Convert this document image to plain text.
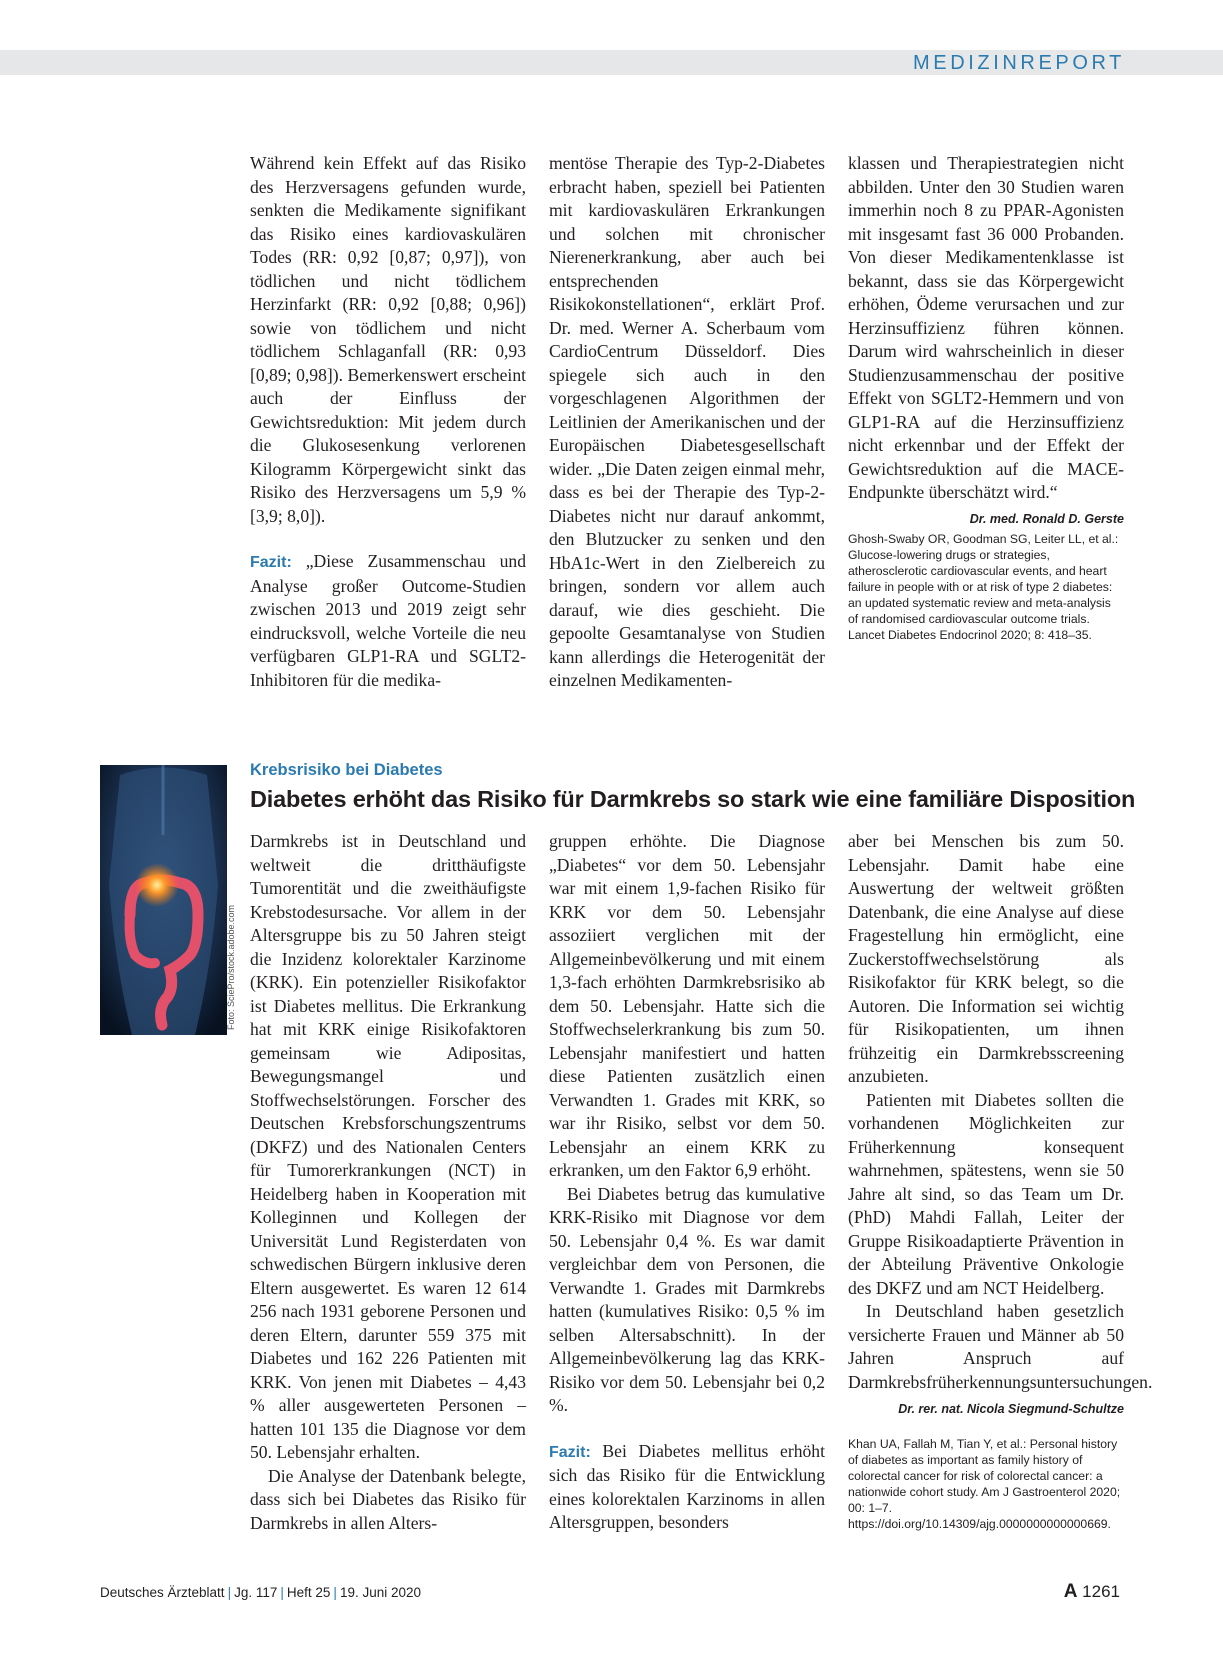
MEDIZINREPORT

Während kein Effekt auf das Risiko des Herzversagens gefunden wurde, senkten die Medikamente signifikant das Risiko eines kardiovaskulären Todes (RR: 0,92 [0,87; 0,97]), von tödlichen und nicht tödlichem Herzinfarkt (RR: 0,92 [0,88; 0,96]) sowie von tödlichem und nicht tödlichem Schlaganfall (RR: 0,93 [0,89; 0,98]). Bemerkenswert erscheint auch der Einfluss der Gewichtsreduktion: Mit jedem durch die Glukosesenkung verlorenen Kilogramm Körpergewicht sinkt das Risiko des Herzversagens um 5,9 % [3,9; 8,0]).

Fazit: „Diese Zusammenschau und Analyse großer Outcome-Studien zwischen 2013 und 2019 zeigt sehr eindrucksvoll, welche Vorteile die neu verfügbaren GLP1-RA und SGLT2-Inhibitoren für die medika-

mentöse Therapie des Typ-2-Diabetes erbracht haben, speziell bei Patienten mit kardiovaskulären Erkrankungen und solchen mit chronischer Nierenerkrankung, aber auch bei entsprechenden Risikokonstellationen“, erklärt Prof. Dr. med. Werner A. Scherbaum vom CardioCentrum Düsseldorf. Dies spiegele sich auch in den vorgeschlagenen Algorithmen der Leitlinien der Amerikanischen und der Europäischen Diabetesgesellschaft wider. „Die Daten zeigen einmal mehr, dass es bei der Therapie des Typ-2-Diabetes nicht nur darauf ankommt, den Blutzucker zu senken und den HbA1c-Wert in den Zielbereich zu bringen, sondern vor allem auch darauf, wie dies geschieht. Die gepoolte Gesamtanalyse von Studien kann allerdings die Heterogenität der einzelnen Medikamenten-

klassen und Therapiestrategien nicht abbilden. Unter den 30 Studien waren immerhin noch 8 zu PPAR-Agonisten mit insgesamt fast 36 000 Probanden. Von dieser Medikamentenklasse ist bekannt, dass sie das Körpergewicht erhöhen, Ödeme verursachen und zur Herzinsuffizienz führen können. Darum wird wahrscheinlich in dieser Studienzusammenschau der positive Effekt von SGLT2-Hemmern und von GLP1-RA auf die Herzinsuffizienz nicht erkennbar und der Effekt der Gewichtsreduktion auf die MACE-Endpunkte überschätzt wird.“
Dr. med. Ronald D. Gerste

Ghosh-Swaby OR, Goodman SG, Leiter LL, et al.: Glucose-lowering drugs or strategies, atherosclerotic cardiovascular events, and heart failure in people with or at risk of type 2 diabetes: an updated systematic review and meta-analysis of randomised cardiovascular outcome trials. Lancet Diabetes Endocrinol 2020; 8: 418–35.
Foto: SciePro/stock.adobe.com
Krebsrisiko bei Diabetes
Diabetes erhöht das Risiko für Darmkrebs so stark wie eine familiäre Disposition

Darmkrebs ist in Deutschland und weltweit die dritthäufigste Tumorentität und die zweithäufigste Krebstodesursache. Vor allem in der Altersgruppe bis zu 50 Jahren steigt die Inzidenz kolorektaler Karzinome (KRK). Ein potenzieller Risikofaktor ist Diabetes mellitus. Die Erkrankung hat mit KRK einige Risikofaktoren gemeinsam wie Adipositas, Bewegungsmangel und Stoffwechselstörungen. Forscher des Deutschen Krebsforschungszentrums (DKFZ) und des Nationalen Centers für Tumorerkrankungen (NCT) in Heidelberg haben in Kooperation mit Kolleginnen und Kollegen der Universität Lund Registerdaten von schwedischen Bürgern inklusive deren Eltern ausgewertet. Es waren 12 614 256 nach 1931 geborene Personen und deren Eltern, darunter 559 375 mit Diabetes und 162 226 Patienten mit KRK. Von jenen mit Diabetes – 4,43 % aller ausgewerteten Personen – hatten 101 135 die Diagnose vor dem 50. Lebensjahr erhalten.

Die Analyse der Datenbank belegte, dass sich bei Diabetes das Risiko für Darmkrebs in allen Alters-

gruppen erhöhte. Die Diagnose „Diabetes“ vor dem 50. Lebensjahr war mit einem 1,9-fachen Risiko für KRK vor dem 50. Lebensjahr assoziiert verglichen mit der Allgemeinbevölkerung und mit einem 1,3-fach erhöhten Darmkrebsrisiko ab dem 50. Lebensjahr. Hatte sich die Stoffwechselerkrankung bis zum 50. Lebensjahr manifestiert und hatten diese Patienten zusätzlich einen Verwandten 1. Grades mit KRK, so war ihr Risiko, selbst vor dem 50. Lebensjahr an einem KRK zu erkranken, um den Faktor 6,9 erhöht.

Bei Diabetes betrug das kumulative KRK-Risiko mit Diagnose vor dem 50. Lebensjahr 0,4 %. Es war damit vergleichbar dem von Personen, die Verwandte 1. Grades mit Darmkrebs hatten (kumulatives Risiko: 0,5 % im selben Altersabschnitt). In der Allgemeinbevölkerung lag das KRK-Risiko vor dem 50. Lebensjahr bei 0,2 %.

Fazit: Bei Diabetes mellitus erhöht sich das Risiko für die Entwicklung eines kolorektalen Karzinoms in allen Altersgruppen, besonders

aber bei Menschen bis zum 50. Lebensjahr. Damit habe eine Auswertung der weltweit größten Datenbank, die eine Analyse auf diese Fragestellung hin ermöglicht, eine Zuckerstoffwechselstörung als Risikofaktor für KRK belegt, so die Autoren. Die Information sei wichtig für Risikopatienten, um ihnen frühzeitig ein Darmkrebsscreening anzubieten.

Patienten mit Diabetes sollten die vorhandenen Möglichkeiten zur Früherkennung konsequent wahrnehmen, spätestens, wenn sie 50 Jahre alt sind, so das Team um Dr. (PhD) Mahdi Fallah, Leiter der Gruppe Risikoadaptierte Prävention in der Abteilung Präventive Onkologie des DKFZ und am NCT Heidelberg.

In Deutschland haben gesetzlich versicherte Frauen und Männer ab 50 Jahren Anspruch auf Darmkrebsfrüherkennungsuntersuchungen.

Dr. rer. nat. Nicola Siegmund-Schultze
Khan UA, Fallah M, Tian Y, et al.: Personal history of diabetes as important as family history of colorectal cancer for risk of colorectal cancer: a nationwide cohort study. Am J Gastroenterol 2020; 00: 1–7. https://doi.org/10.14309/ajg.0000000000000669.
Deutsches Ärzteblatt | Jg. 117 | Heft 25 | 19. Juni 2020	A 1261
